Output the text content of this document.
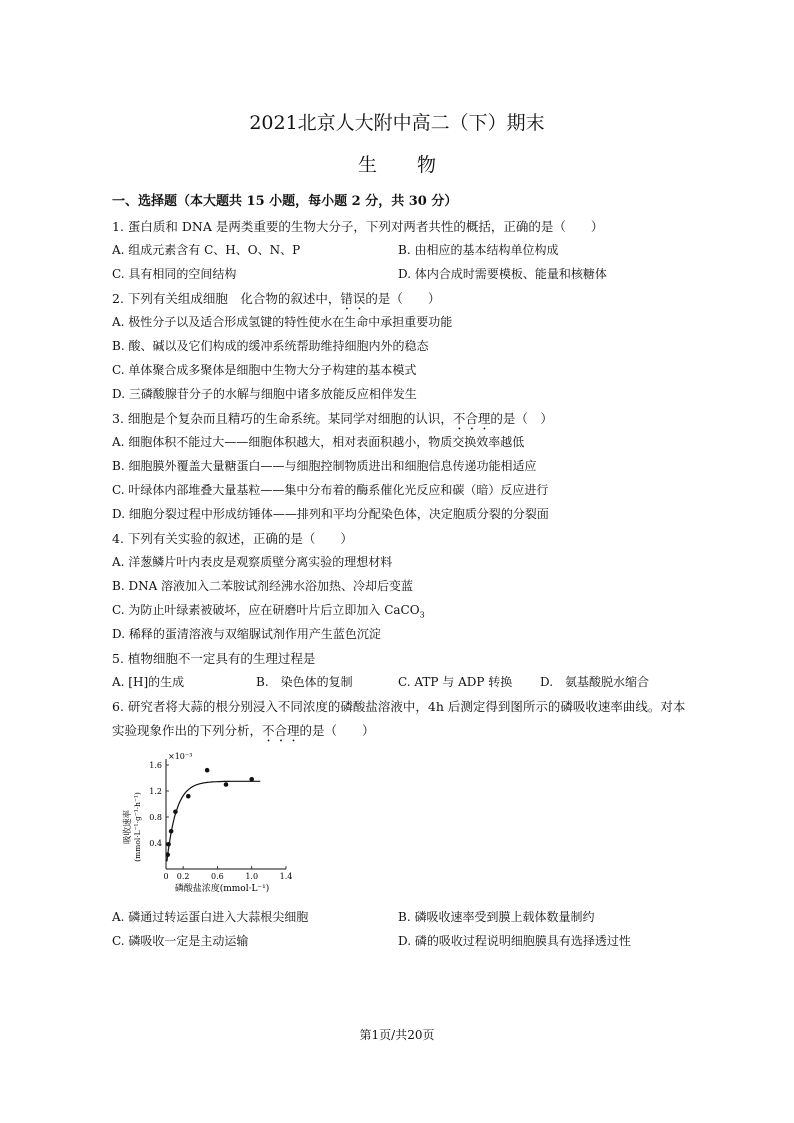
2021北京人大附中高二（下）期末
生物
一、选择题（本大题共 15 小题，每小题 2 分，共 30 分）
1. 蛋白质和 DNA 是两类重要的生物大分子，下列对两者共性的概括，正确的是（　　）
A. 组成元素含有 C、H、O、N、P	B. 由相应的基本结构单位构成
C. 具有相同的空间结构	D. 体内合成时需要模板、能量和核糖体
2. 下列有关组成细胞　化合物的叙述中，错误的是（　　）
A. 极性分子以及适合形成氢键的特性使水在生命中承担重要功能
B. 酸、碱以及它们构成的缓冲系统帮助维持细胞内外的稳态
C. 单体聚合成多聚体是细胞中生物大分子构建的基本模式
D. 三磷酸腺苷分子的水解与细胞中诸多放能反应相伴发生
3. 细胞是个复杂而且精巧的生命系统。某同学对细胞的认识，不合理的是（　）
A. 细胞体积不能过大——细胞体积越大，相对表面积越小，物质交换效率越低
B. 细胞膜外覆盖大量糖蛋白——与细胞控制物质进出和细胞信息传递功能相适应
C. 叶绿体内部堆叠大量基粒——集中分布着的酶系催化光反应和碳（暗）反应进行
D. 细胞分裂过程中形成纺锤体——排列和平均分配染色体，决定胞质分裂的分裂面
4. 下列有关实验的叙述，正确的是（　　）
A. 洋葱鳞片叶内表皮是观察质壁分离实验的理想材料
B. DNA 溶液加入二苯胺试剂经沸水浴加热、冷却后变蓝
C. 为防止叶绿素被破坏，应在研磨叶片后立即加入 CaCO$_3$
D. 稀释的蛋清溶液与双缩脲试剂作用产生蓝色沉淀
5. 植物细胞不一定具有的生理过程是
A. [H]的生成	B.　染色体的复制	C. ATP 与 ADP 转换 D.　氨基酸脱水缩合
6. 研究者将大蒜的根分别浸入不同浓度的磷酸盐溶液中，4h 后测定得到图所示的磷吸收速率曲线。对本
实验现象作出的下列分析，不合理的是（　　）
×10⁻³
吸收速率 (mmol·L⁻¹·g⁻¹·h⁻¹)
磷酸盐浓度(mmol·L⁻¹)
0 0.2	0.6	1.0	1.4
0.4
0.8
1.2
1.6
A. 磷通过转运蛋白进入大蒜根尖细胞	B. 磷吸收速率受到膜上载体数量制约
C. 磷吸收一定是主动运输	D. 磷的吸收过程说明细胞膜具有选择透过性
第1页/共20页
